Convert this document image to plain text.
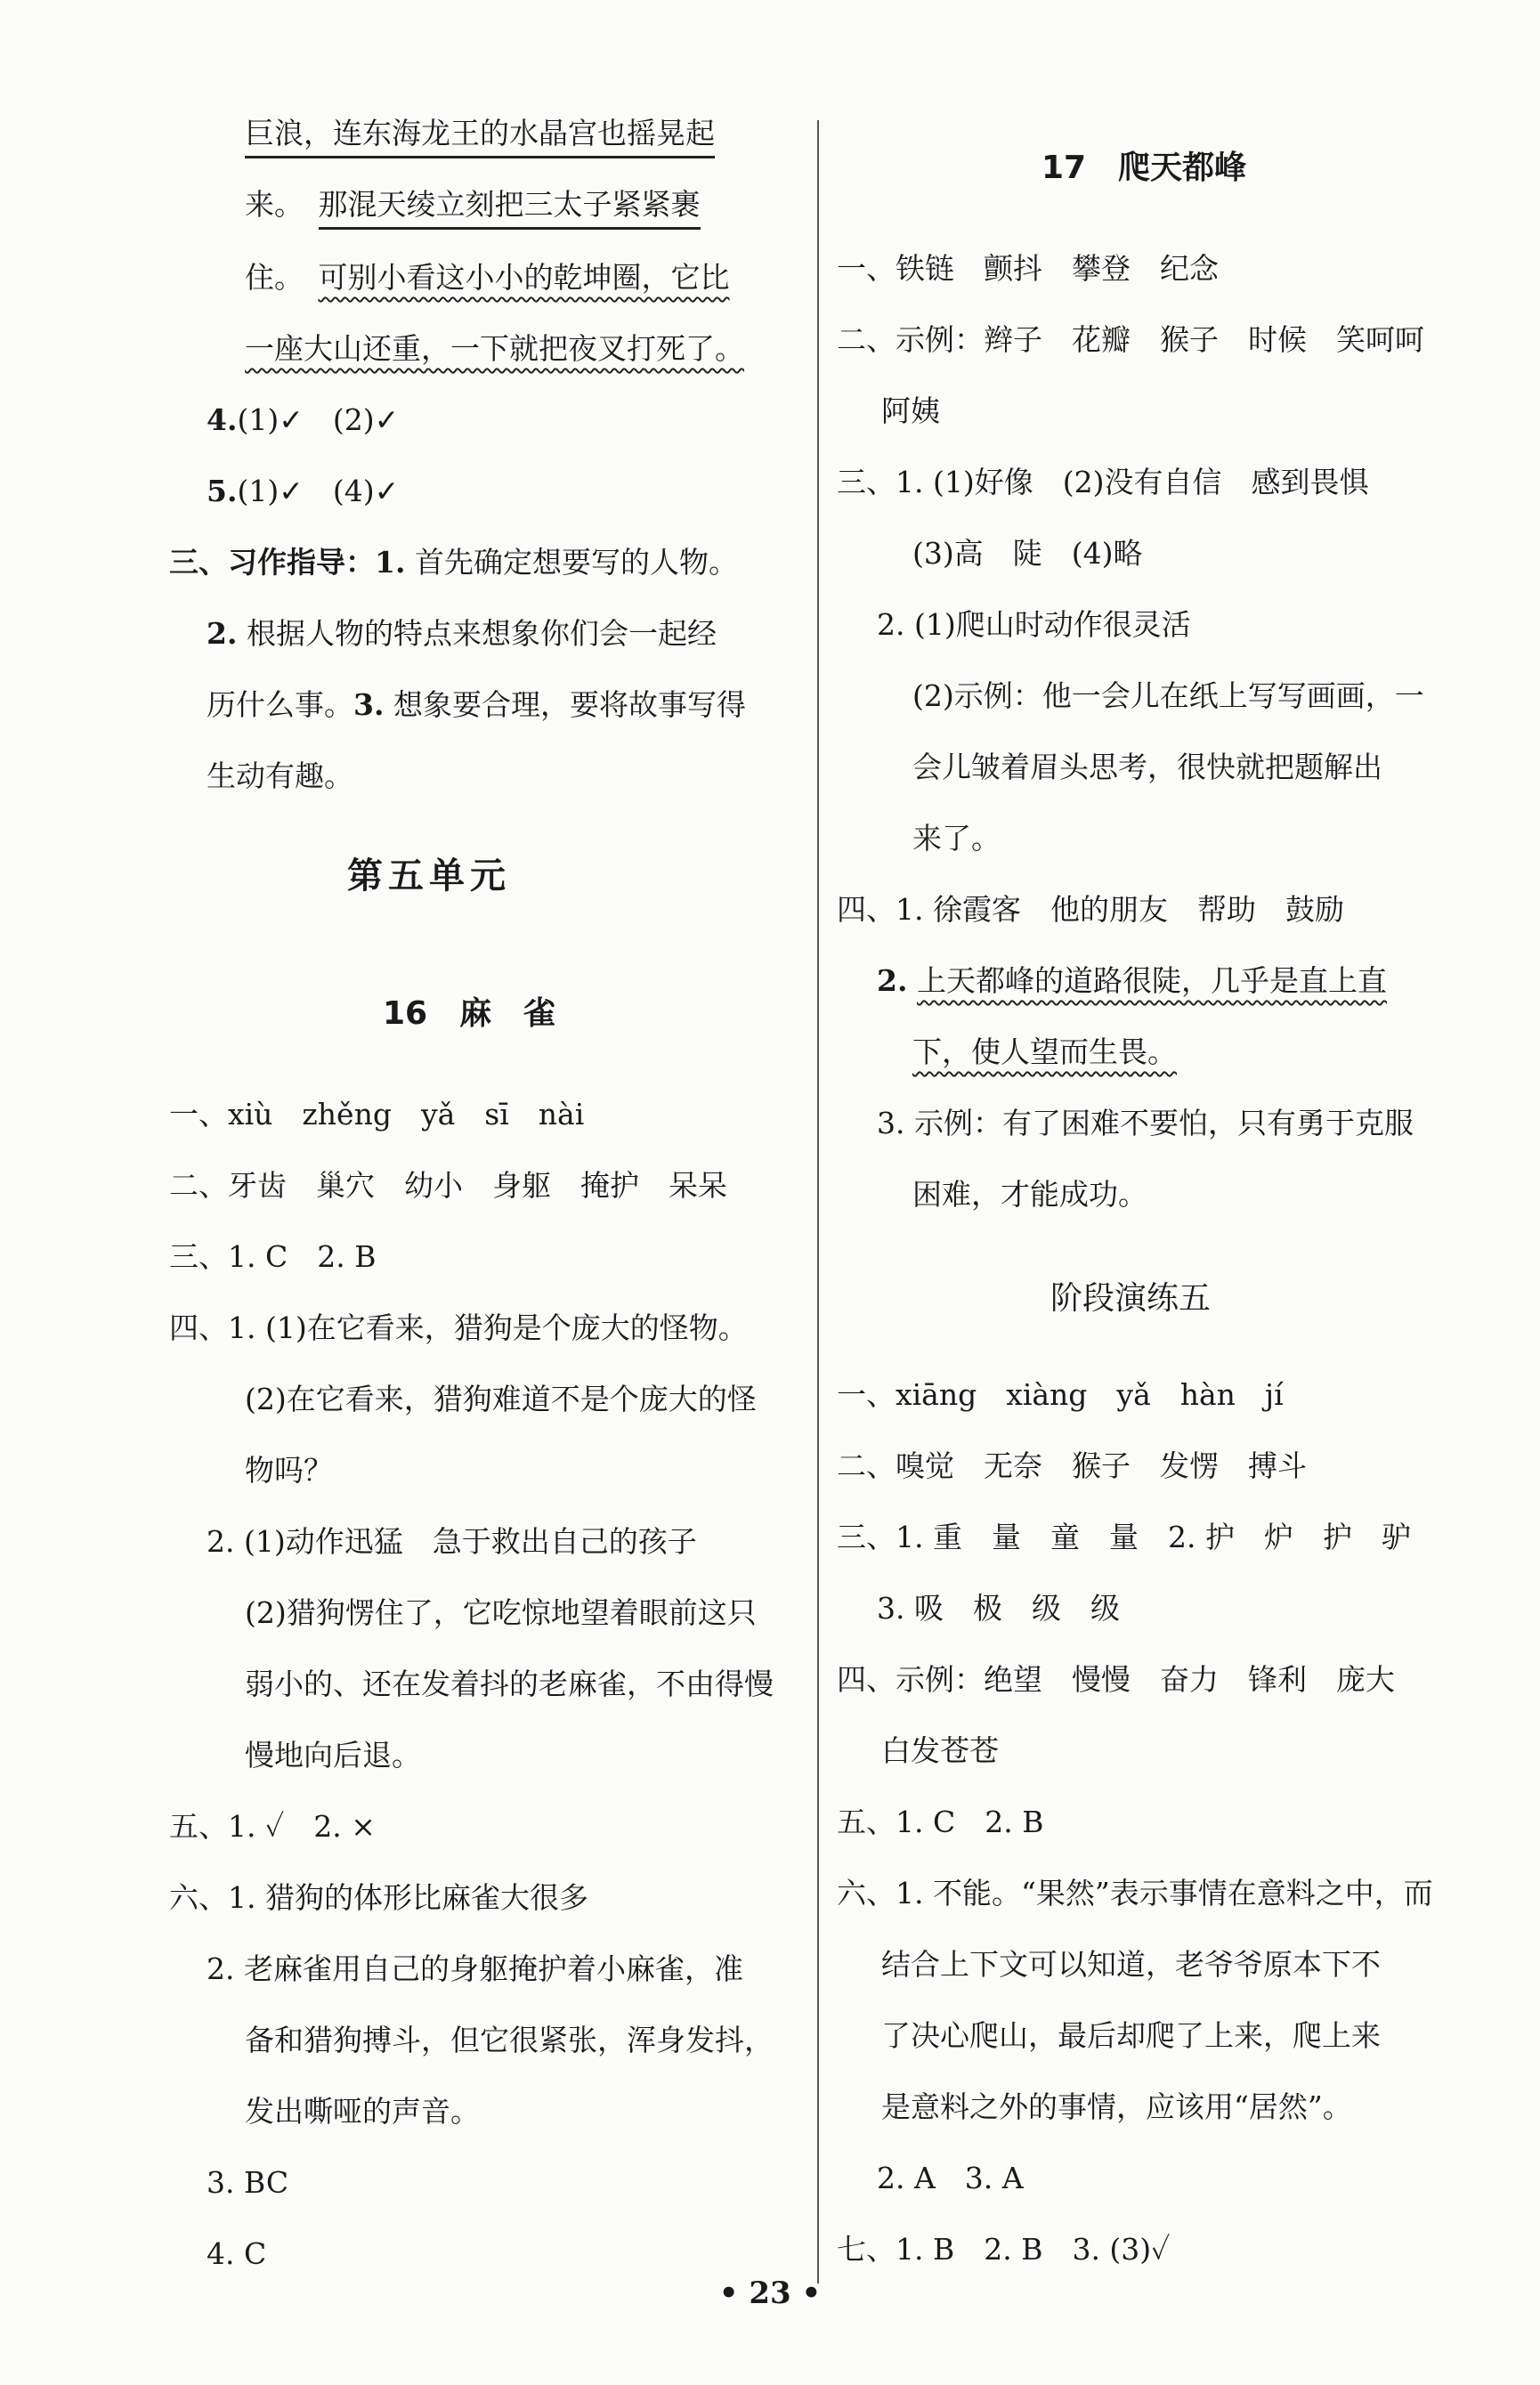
巨浪，连东海龙王的水晶宫也摇晃起
来。　 那混天绫立刻把三太子紧紧裹
住。　 可别小看这小小的乾坤圈，它比
一座大山还重，一下就把夜叉打死了。
4.(1)✓　(2)✓
5.(1)✓　(4)✓
三、习作指导：1. 首先确定想要写的人物。
2. 根据人物的特点来想象你们会一起经
历什么事。3. 想象要合理，要将故事写得
生动有趣。
第五单元
16　麻　雀
一、xiù　zhěng　yǎ　sī　nài
二、牙齿　巢穴　幼小　身躯　掩护　呆呆
三、1. C　2. B
四、1. (1)在它看来，猎狗是个庞大的怪物。
(2)在它看来，猎狗难道不是个庞大的怪
物吗？
2. (1)动作迅猛　急于救出自己的孩子
(2)猎狗愣住了，它吃惊地望着眼前这只
弱小的、还在发着抖的老麻雀，不由得慢
慢地向后退。
五、1. ✓　2. ×
六、1. 猎狗的体形比麻雀大很多
2. 老麻雀用自己的身躯掩护着小麻雀，准
备和猎狗搏斗，但它很紧张，浑身发抖，
发出嘶哑的声音。
3. BC
4. C
17　爬天都峰
一、铁链　颤抖　攀登　纪念
二、示例：辫子　花瓣　猴子　时候　笑呵呵
阿姨
三、1. (1)好像　(2)没有自信　感到畏惧
(3)高　陡　(4)略
2. (1)爬山时动作很灵活
(2)示例：他一会儿在纸上写写画画，一
会儿皱着眉头思考，很快就把题解出
来了。
四、1. 徐霞客　他的朋友　帮助　鼓励
2. 上天都峰的道路很陡，几乎是直上直
下，使人望而生畏。
3. 示例：有了困难不要怕，只有勇于克服
困难，才能成功。
阶段演练五
一、xiāng　xiàng　yǎ　hàn　jí
二、嗅觉　无奈　猴子　发愣　搏斗
三、1. 重　量　童　量　2. 护　炉　护　驴
3. 吸　极　级　级
四、示例：绝望　慢慢　奋力　锋利　庞大
白发苍苍
五、1. C　2. B
六、1. 不能。“果然”表示事情在意料之中，而
结合上下文可以知道，老爷爷原本下不
了决心爬山，最后却爬了上来，爬上来
是意料之外的事情，应该用“居然”。
2. A　3. A
七、1. B　2. B　3. (3)✓
• 23 •
